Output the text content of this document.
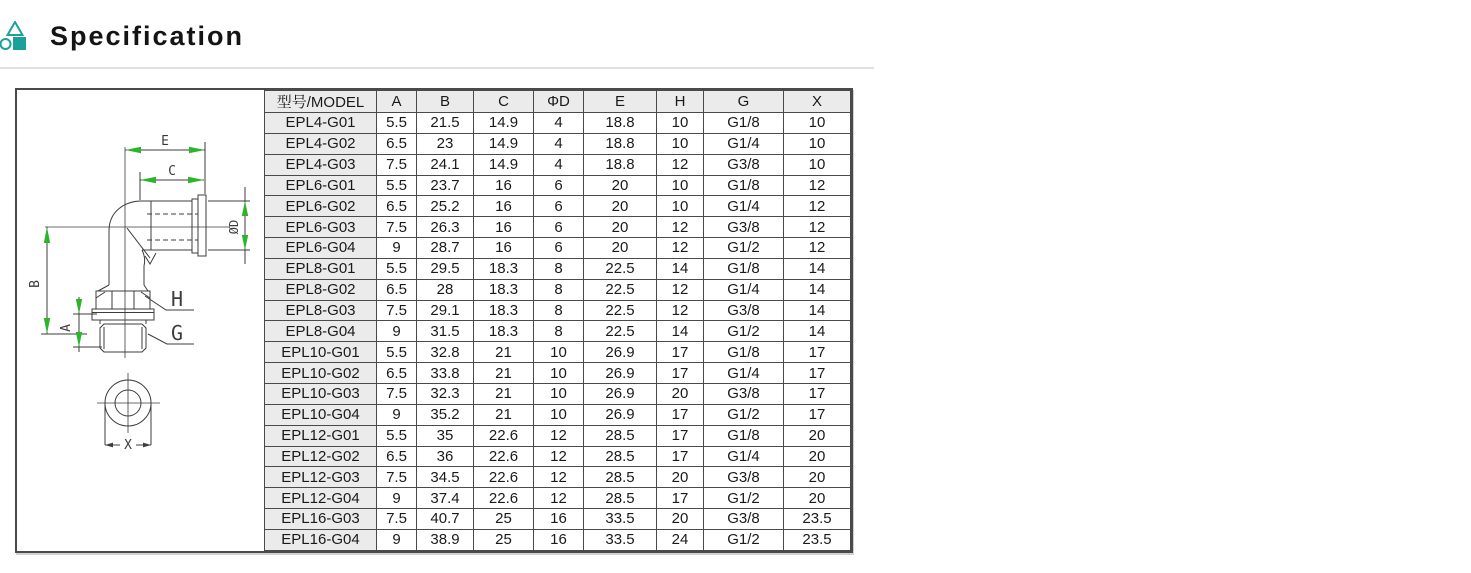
Specification
E
C
ØD
B
A
H
G
X
型号/MODEL	A	B	C	ΦD	E	H	G	X
EPL4-G01	5.5	21.5	14.9	4	18.8	10	G1/8	10
EPL4-G02	6.5	23	14.9	4	18.8	10	G1/4	10
EPL4-G03	7.5	24.1	14.9	4	18.8	12	G3/8	10
EPL6-G01	5.5	23.7	16	6	20	10	G1/8	12
EPL6-G02	6.5	25.2	16	6	20	10	G1/4	12
EPL6-G03	7.5	26.3	16	6	20	12	G3/8	12
EPL6-G04	9	28.7	16	6	20	12	G1/2	12
EPL8-G01	5.5	29.5	18.3	8	22.5	14	G1/8	14
EPL8-G02	6.5	28	18.3	8	22.5	12	G1/4	14
EPL8-G03	7.5	29.1	18.3	8	22.5	12	G3/8	14
EPL8-G04	9	31.5	18.3	8	22.5	14	G1/2	14
EPL10-G01	5.5	32.8	21	10	26.9	17	G1/8	17
EPL10-G02	6.5	33.8	21	10	26.9	17	G1/4	17
EPL10-G03	7.5	32.3	21	10	26.9	20	G3/8	17
EPL10-G04	9	35.2	21	10	26.9	17	G1/2	17
EPL12-G01	5.5	35	22.6	12	28.5	17	G1/8	20
EPL12-G02	6.5	36	22.6	12	28.5	17	G1/4	20
EPL12-G03	7.5	34.5	22.6	12	28.5	20	G3/8	20
EPL12-G04	9	37.4	22.6	12	28.5	17	G1/2	20
EPL16-G03	7.5	40.7	25	16	33.5	20	G3/8	23.5
EPL16-G04	9	38.9	25	16	33.5	24	G1/2	23.5
